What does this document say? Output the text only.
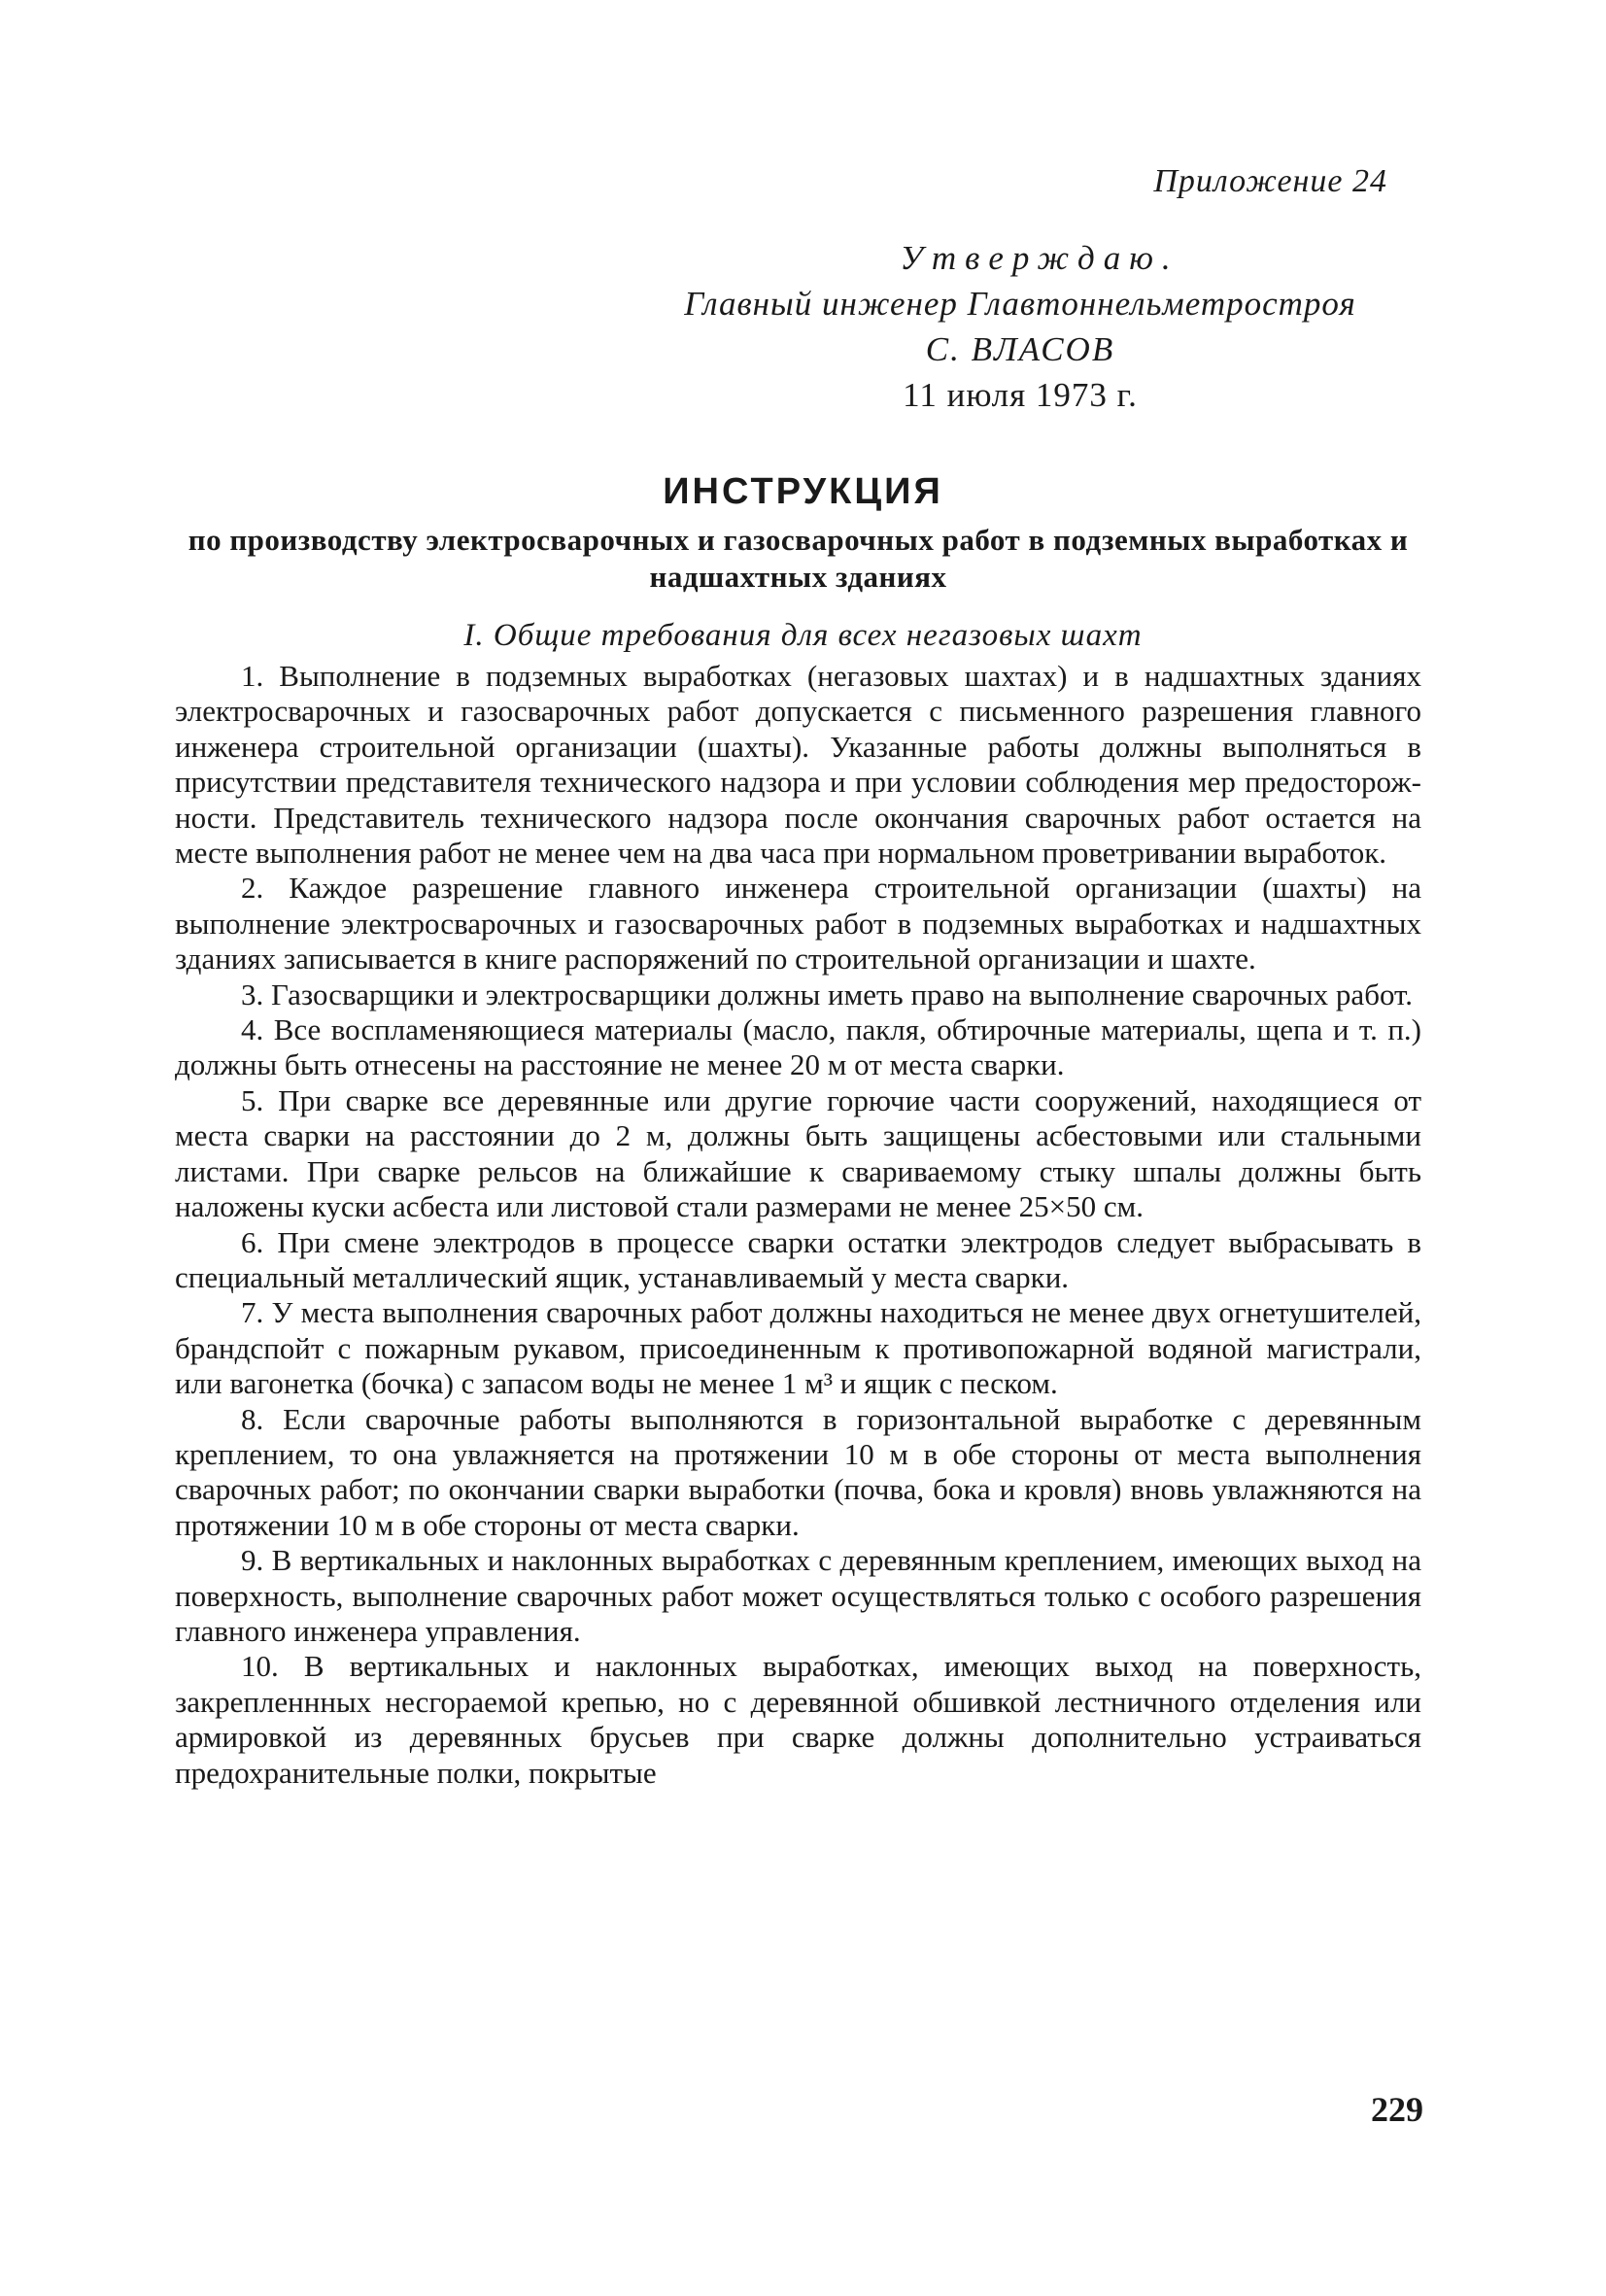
Приложение 24
Утверждаю.
Главный инженер Главтоннельметростроя
С. ВЛАСОВ
11 июля 1973 г.
ИНСТРУКЦИЯ
по производству электросварочных и газосварочных работ в подземных выработках и надшахтных зданиях
I. Общие требования для всех негазовых шахт

1. Выполнение в подземных выработках (негазовых шахтах) и в надшахтных зданиях электросварочных и газосварочных работ допускается с письменного разрешения главного инженера строительной организации (шахты). Указанные работы должны выполняться в присутствии представителя технического надзора и при условии соблюдения мер предосторожности. Представитель технического надзора после окончания сварочных работ остается на месте выполнения работ не менее чем на два часа при нормальном проветривании выработок.

2. Каждое разрешение главного инженера строительной организации (шахты) на выполнение электросварочных и газосварочных работ в подземных выработках и надшахтных зданиях записывается в книге распоряжений по строительной организации и шахте.

3. Газосварщики и электросварщики должны иметь право на выполнение сварочных работ.

4. Все воспламеняющиеся материалы (масло, пакля, обтирочные материалы, щепа и т. п.) должны быть отнесены на расстояние не менее 20 м от места сварки.

5. При сварке все деревянные или другие горючие части сооружений, находящиеся от места сварки на расстоянии до 2 м, должны быть защищены асбестовыми или стальными листами. При сварке рельсов на ближайшие к свариваемому стыку шпалы должны быть наложены куски асбеста или листовой стали размерами не менее 25×50 см.

6. При смене электродов в процессе сварки остатки электродов следует выбрасывать в специальный металлический ящик, устанавливаемый у места сварки.

7. У места выполнения сварочных работ должны находиться не менее двух огнетушителей, брандспойт с пожарным рукавом, присоединенным к противопожарной водяной магистрали, или вагонетка (бочка) с запасом воды не менее 1 м³ и ящик с песком.

8. Если сварочные работы выполняются в горизонтальной выработке с деревянным креплением, то она увлажняется на протяжении 10 м в обе стороны от места выполнения сварочных работ; по окончании сварки выработки (почва, бока и кровля) вновь увлажняются на протяжении 10 м в обе стороны от места сварки.

9. В вертикальных и наклонных выработках с деревянным креплением, имеющих выход на поверхность, выполнение сварочных работ может осуществляться только с особого разрешения главного инженера управления.

10. В вертикальных и наклонных выработках, имеющих выход на поверхность, закрепленнных несгораемой крепью, но с деревянной обшивкой лестничного отделения или армировкой из деревянных брусьев при сварке должны дополнительно устраиваться предохранительные полки, покрытые

229
